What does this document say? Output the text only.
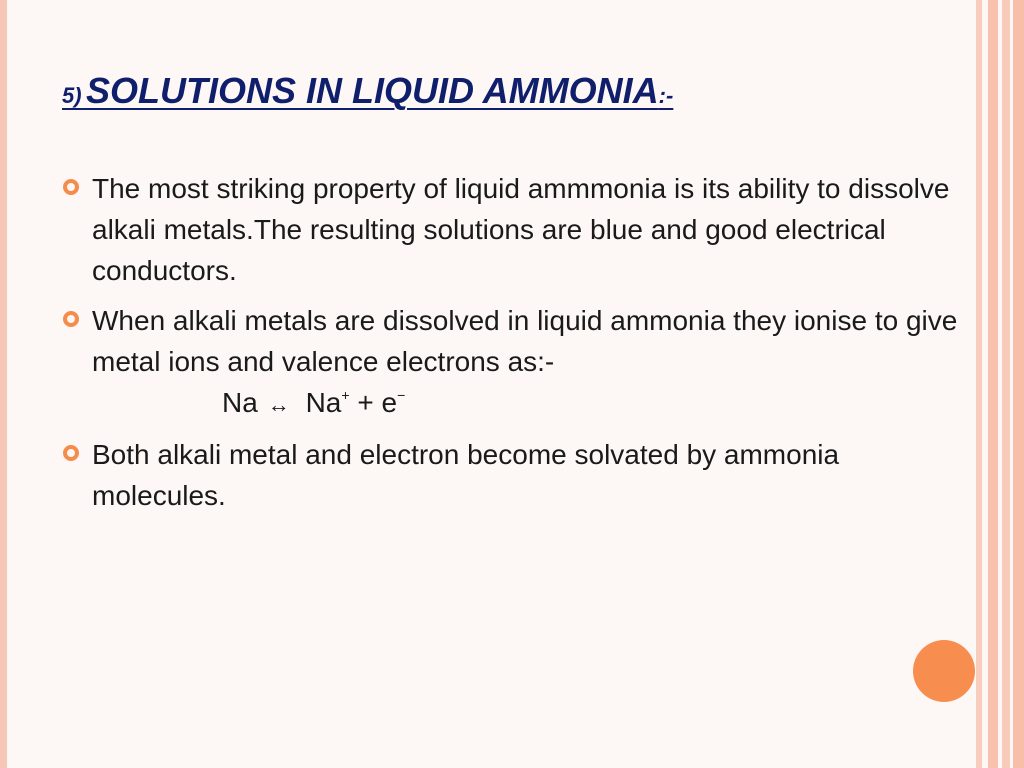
5) SOLUTIONS IN LIQUID AMMONIA:-
The most striking property of liquid ammmonia is its ability to dissolve alkali metals.The resulting solutions are blue and good electrical conductors.
When alkali metals are dissolved in liquid ammonia they ionise to give metal ions and valence electrons as:-
Na ↔ Na+ + e−
Both alkali metal and electron become solvated by ammonia molecules.
